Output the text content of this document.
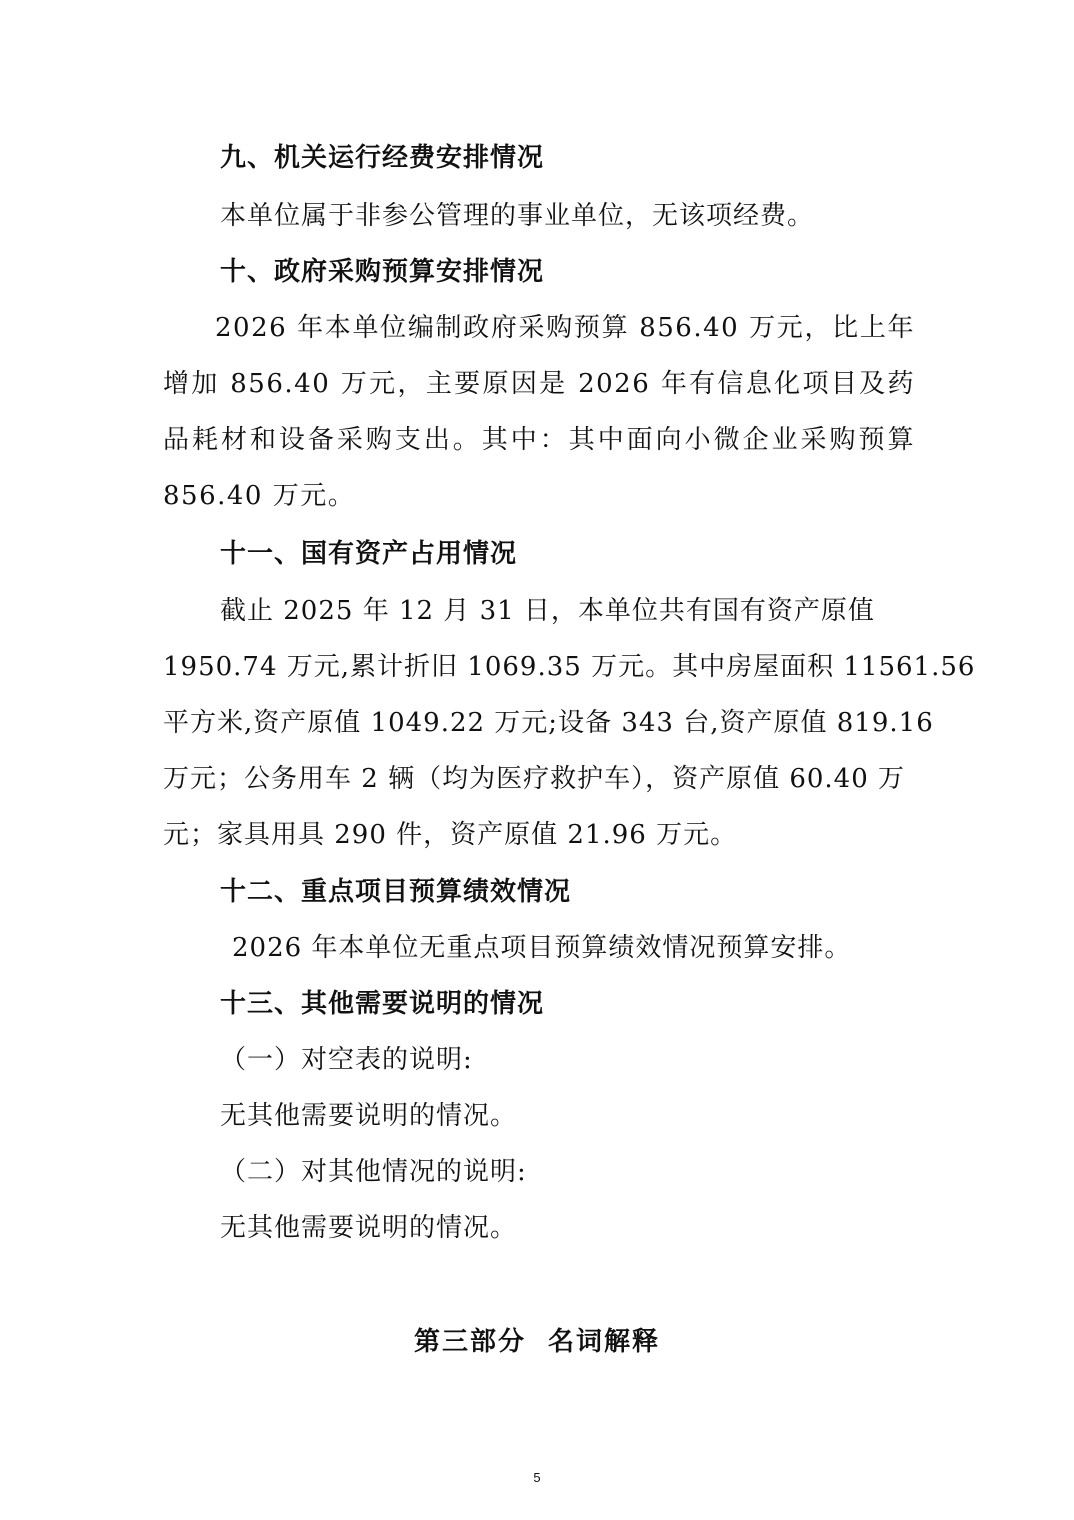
九、机关运行经费安排情况
本单位属于非参公管理的事业单位，无该项经费。
十、政府采购预算安排情况
2026 年本单位编制政府采购预算 856.40 万元，比上年增加 856.40 万元，主要原因是 2026 年有信息化项目及药品耗材和设备采购支出。其中：其中面向小微企业采购预算 856.40 万元。
十一、国有资产占用情况
截止 2025 年 12 月 31 日，本单位共有国有资产原值
1950.74 万元,累计折旧 1069.35 万元。其中房屋面积 11561.56
平方米,资产原值 1049.22 万元;设备 343 台,资产原值 819.16
万元；公务用车 2 辆（均为医疗救护车），资产原值 60.40 万
元；家具用具 290 件，资产原值 21.96 万元。
十二、重点项目预算绩效情况
2026 年本单位无重点项目预算绩效情况预算安排。
十三、其他需要说明的情况
（一）对空表的说明:
无其他需要说明的情况。
（二）对其他情况的说明:
无其他需要说明的情况。
第三部分  名词解释
5
